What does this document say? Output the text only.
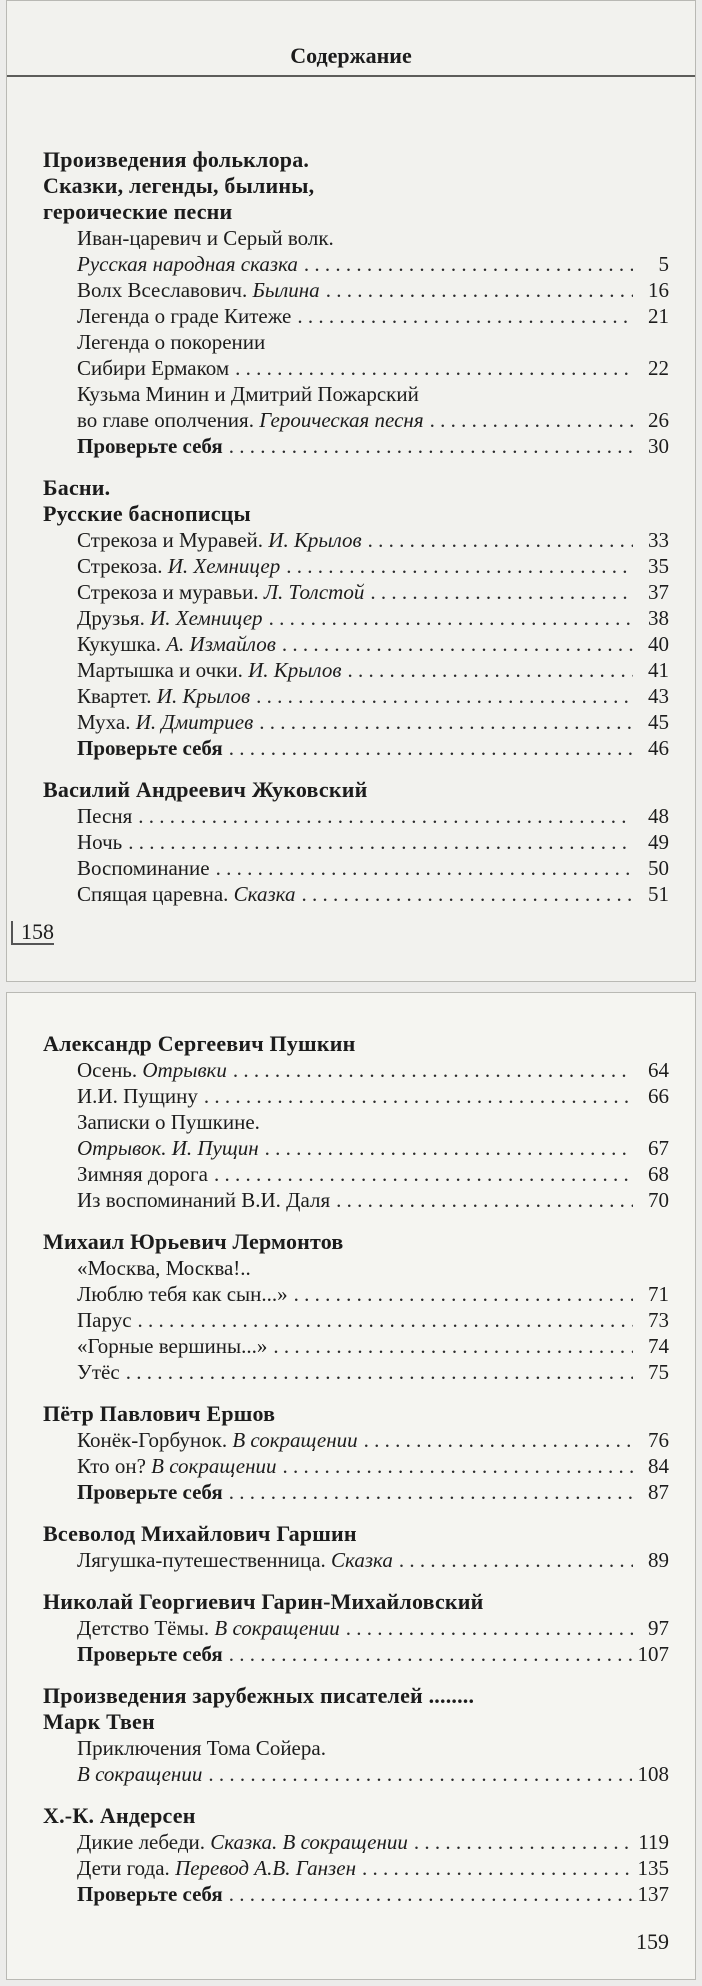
Содержание
Произведения фольклора.
Сказки, легенды, былины,
героические песни
Иван-царевич и Серый волк.
Русская народная сказка . . .	5
Волх Всеславович. Былина . . .	16
Легенда о граде Китеже . . .	21
Легенда о покорении
Сибири Ермаком . . .	22
Кузьма Минин и Дмитрий Пожарский
во главе ополчения. Героическая песня . . .	26
Проверьте себя . . .	30
Басни.
Русские баснописцы
Стрекоза и Муравей. И. Крылов . . .	33
Стрекоза. И. Хемницер . . .	35
Стрекоза и муравьи. Л. Толстой . . .	37
Друзья. И. Хемницер . . .	38
Кукушка. А. Измайлов . . .	40
Мартышка и очки. И. Крылов . . .	41
Квартет. И. Крылов . . .	43
Муха. И. Дмитриев . . .	45
Проверьте себя . . .	46
Василий Андреевич Жуковский
Песня . . .	48
Ночь . . .	49
Воспоминание . . .	50
Спящая царевна. Сказка . . .	51
158
Александр Сергеевич Пушкин
Осень. Отрывки . . .	64
И.И. Пущину . . .	66
Записки о Пушкине.
Отрывок. И. Пущин . . .	67
Зимняя дорога . . .	68
Из воспоминаний В.И. Даля . . .	70
Михаил Юрьевич Лермонтов
«Москва, Москва!..
Люблю тебя как сын...» . . .	71
Парус . . .	73
«Горные вершины...» . . .	74
Утёс . . .	75
Пётр Павлович Ершов
Конёк-Горбунок. В сокращении . . .	76
Кто он? В сокращении . . .	84
Проверьте себя . . .	87
Всеволод Михайлович Гаршин
Лягушка-путешественница. Сказка . . .	89
Николай Георгиевич Гарин-Михайловский
Детство Тёмы. В сокращении . . .	97
Проверьте себя . . .	107
Произведения зарубежных писателей ........
Марк Твен
Приключения Тома Сойера.
В сокращении . . .	108
Х.-К. Андерсен
Дикие лебеди. Сказка. В сокращении . . .	119
Дети года. Перевод А.В. Ганзен . . .	135
Проверьте себя . . .	137
159
